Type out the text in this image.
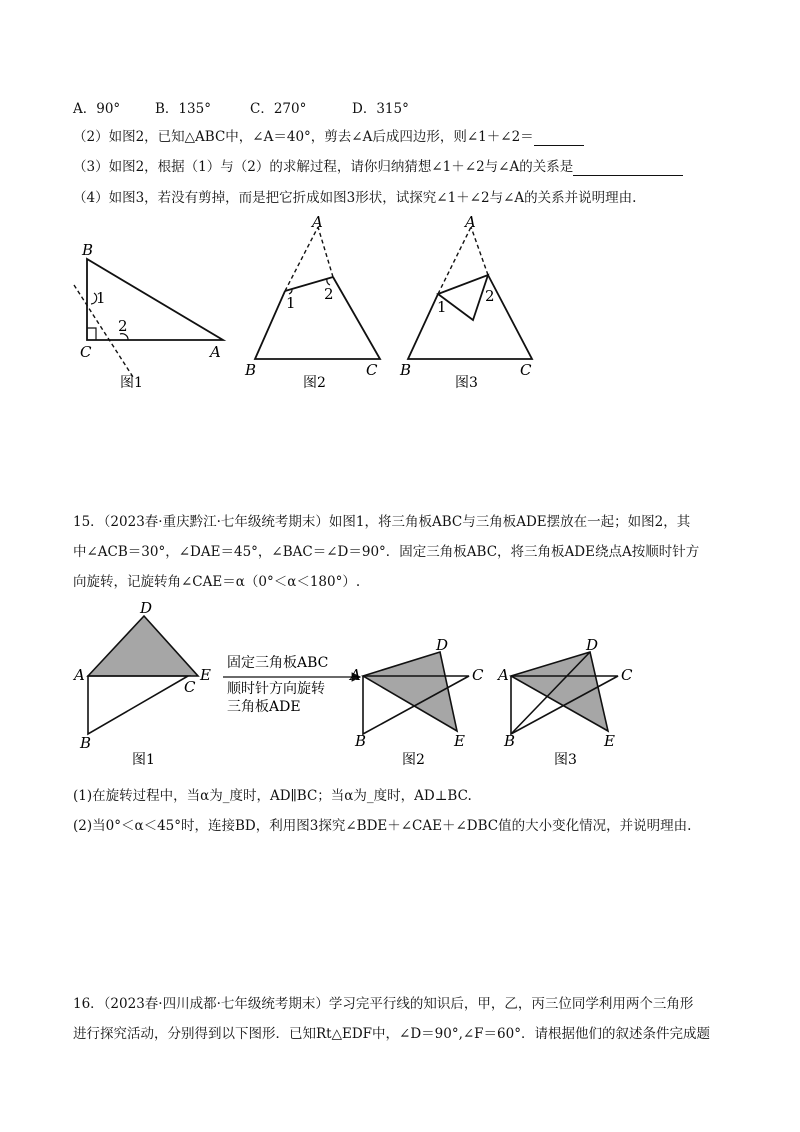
A．90°	B．135°	C．270°	D．315°
（2）如图2，已知△ABC中，∠A＝40°，剪去∠A后成四边形，则∠1＋∠2＝
（3）如图2，根据（1）与（2）的求解过程，请你归纳猜想∠1＋∠2与∠A的关系是
（4）如图3，若没有剪掉，而是把它折成如图3形状，试探究∠1＋∠2与∠A的关系并说明理由.
B
C	A
1
2
图1
A
B	C
1 2
图2
A
B	C
1
2
图3
15．（2023春·重庆黔江·七年级统考期末）如图1，将三角板ABC与三角板ADE摆放在一起；如图2，其
中∠ACB＝30°，∠DAE＝45°，∠BAC＝∠D＝90°．固定三角板ABC，将三角板ADE绕点A按顺时针方
向旋转，记旋转角∠CAE＝α（0°＜α＜180°）.
D
A	E
C
B
图1
固定三角板ABC
顺时针方向旋转
三角板ADE
D
A	C
B	E
图2
D
A	C
B	E
图3
(1)在旋转过程中，当α为_度时，AD∥BC；当α为_度时，AD⊥BC.
(2)当0°＜α＜45°时，连接BD，利用图3探究∠BDE＋∠CAE＋∠DBC值的大小变化情况，并说明理由.
16．（2023春·四川成都·七年级统考期末）学习完平行线的知识后，甲，乙，丙三位同学利用两个三角形
进行探究活动，分别得到以下图形．已知Rt△EDF中，∠D＝90°,∠F＝60°．请根据他们的叙述条件完成题
